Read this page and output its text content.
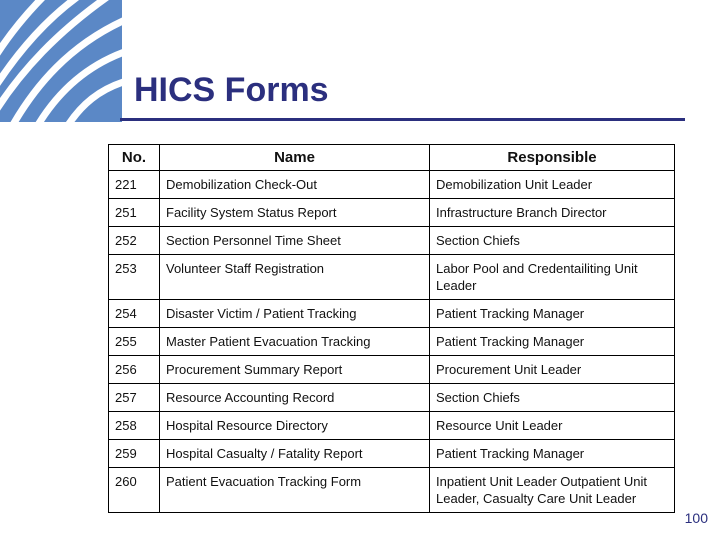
HICS Forms
No.	Name	Responsible
221	Demobilization Check-Out	Demobilization Unit Leader
251	Facility System Status Report	Infrastructure Branch Director
252	Section Personnel Time Sheet	Section Chiefs
253	Volunteer Staff Registration	Labor Pool and Credentailiting Unit Leader
254	Disaster Victim / Patient Tracking	Patient Tracking Manager
255	Master Patient Evacuation Tracking	Patient Tracking Manager
256	Procurement Summary Report	Procurement Unit Leader
257	Resource Accounting Record	Section Chiefs
258	Hospital Resource Directory	Resource Unit Leader
259	Hospital Casualty / Fatality Report	Patient Tracking Manager
260	Patient Evacuation Tracking Form	Inpatient Unit Leader Outpatient Unit Leader, Casualty Care Unit Leader
100
